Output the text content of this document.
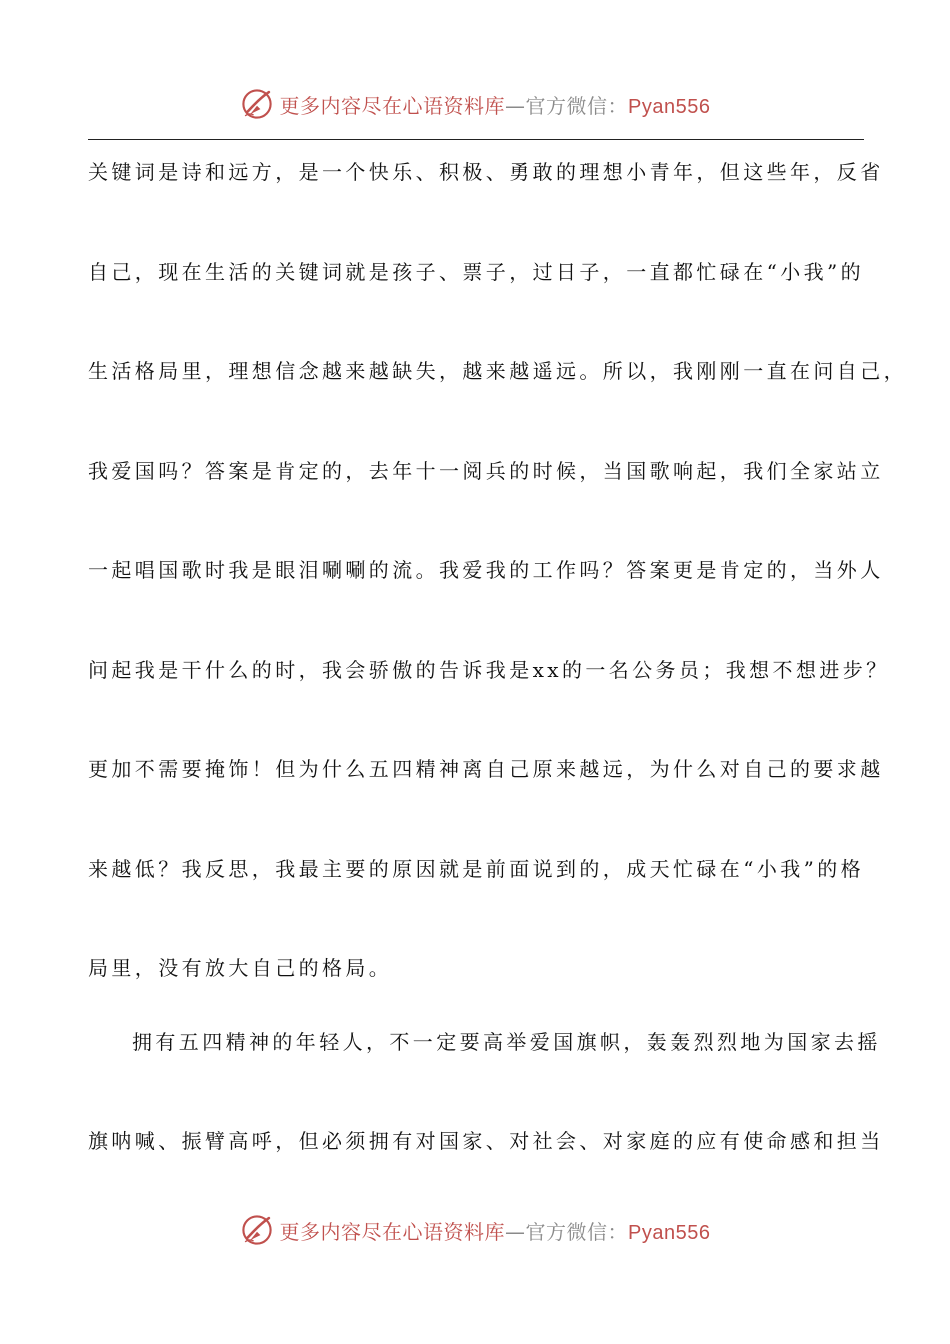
更多内容尽在心语资料库—官方微信：Pyan556
关键词是诗和远方，是一个快乐、积极、勇敢的理想小青年，但这些年，反省
自己，现在生活的关键词就是孩子、票子，过日子，一直都忙碌在“小我”的
生活格局里，理想信念越来越缺失，越来越遥远。所以，我刚刚一直在问自己，
我爱国吗？答案是肯定的，去年十一阅兵的时候，当国歌响起，我们全家站立
一起唱国歌时我是眼泪唰唰的流。我爱我的工作吗？答案更是肯定的，当外人
问起我是干什么的时，我会骄傲的告诉我是xx的一名公务员；我想不想进步？
更加不需要掩饰！但为什么五四精神离自己原来越远，为什么对自己的要求越
来越低？我反思，我最主要的原因就是前面说到的，成天忙碌在“小我”的格
局里，没有放大自己的格局。
拥有五四精神的年轻人，不一定要高举爱国旗帜，轰轰烈烈地为国家去摇
旗呐喊、振臂高呼，但必须拥有对国家、对社会、对家庭的应有使命感和担当
更多内容尽在心语资料库—官方微信：Pyan556
